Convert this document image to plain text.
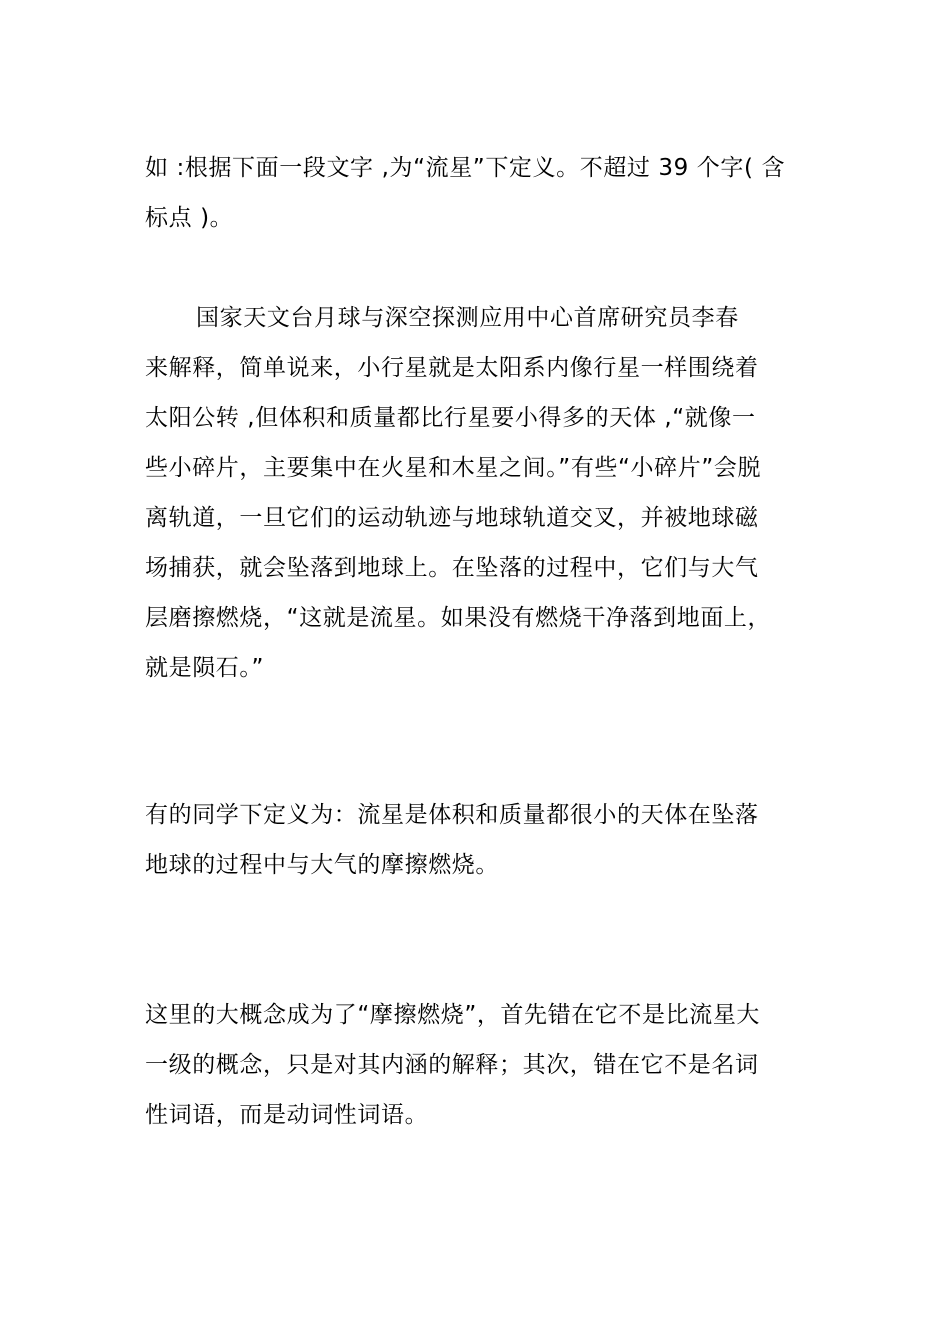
如 :根据下面一段文字 ,为“流星”下定义。不超过 39 个字( 含

标点 )。

国家天文台月球与深空探测应用中心首席研究员李春

来解释，简单说来，小行星就是太阳系内像行星一样围绕着

太阳公转 ,但体积和质量都比行星要小得多的天体 ,“就像一

些小碎片，主要集中在火星和木星之间。”有些“小碎片”会脱

离轨道，一旦它们的运动轨迹与地球轨道交叉，并被地球磁

场捕获，就会坠落到地球上。在坠落的过程中，它们与大气

层磨擦燃烧，“这就是流星。如果没有燃烧干净落到地面上，

就是陨石。”

有的同学下定义为：流星是体积和质量都很小的天体在坠落

地球的过程中与大气的摩擦燃烧。

这里的大概念成为了“摩擦燃烧”，首先错在它不是比流星大

一级的概念，只是对其内涵的解释；其次，错在它不是名词

性词语，而是动词性词语。
